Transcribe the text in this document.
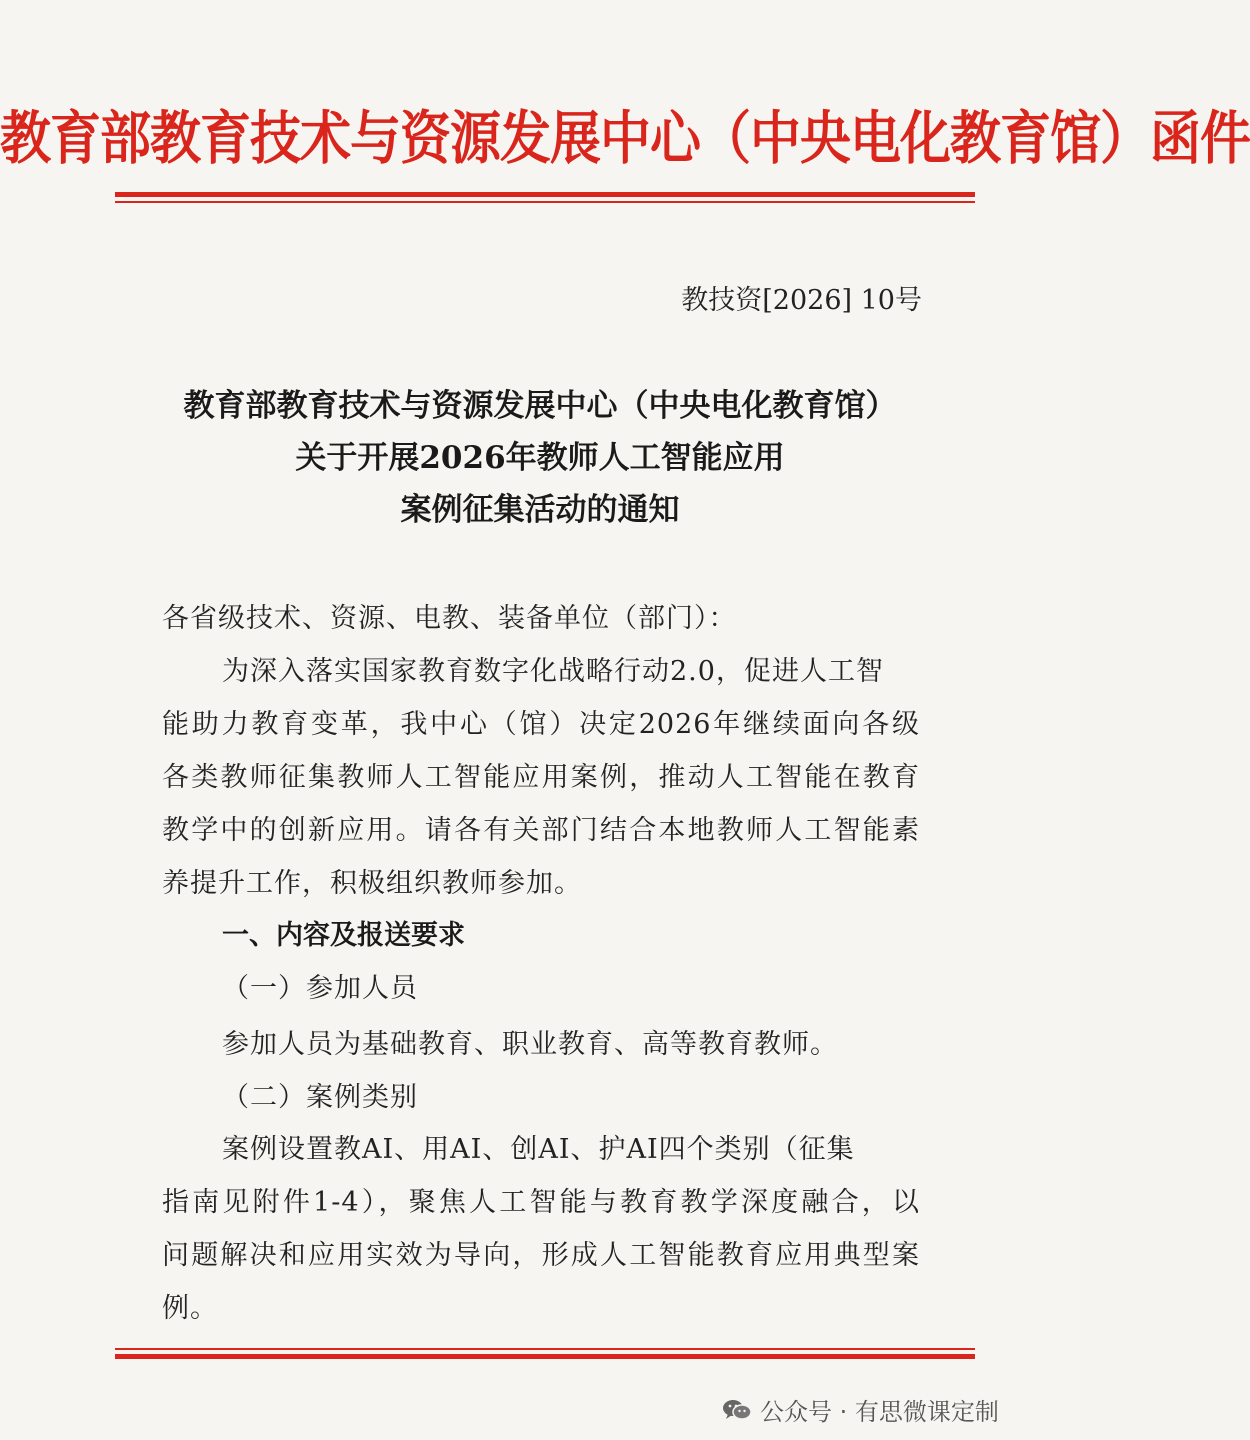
教育部教育技术与资源发展中心（中央电化教育馆）函件
教技资[2026] 10号
教育部教育技术与资源发展中心（中央电化教育馆）
关于开展2026年教师人工智能应用
案例征集活动的通知
各省级技术、资源、电教、装备单位（部门）：
为深入落实国家教育数字化战略行动2.0，促进人工智
能助力教育变革，我中心（馆）决定2026年继续面向各级
各类教师征集教师人工智能应用案例，推动人工智能在教育
教学中的创新应用。请各有关部门结合本地教师人工智能素
养提升工作，积极组织教师参加。
一、内容及报送要求
（一）参加人员
参加人员为基础教育、职业教育、高等教育教师。
（二）案例类别
案例设置教AI、用AI、创AI、护AI四个类别（征集
指南见附件1-4），聚焦人工智能与教育教学深度融合，以
问题解决和应用实效为导向，形成人工智能教育应用典型案
例。
公众号 · 有思微课定制
